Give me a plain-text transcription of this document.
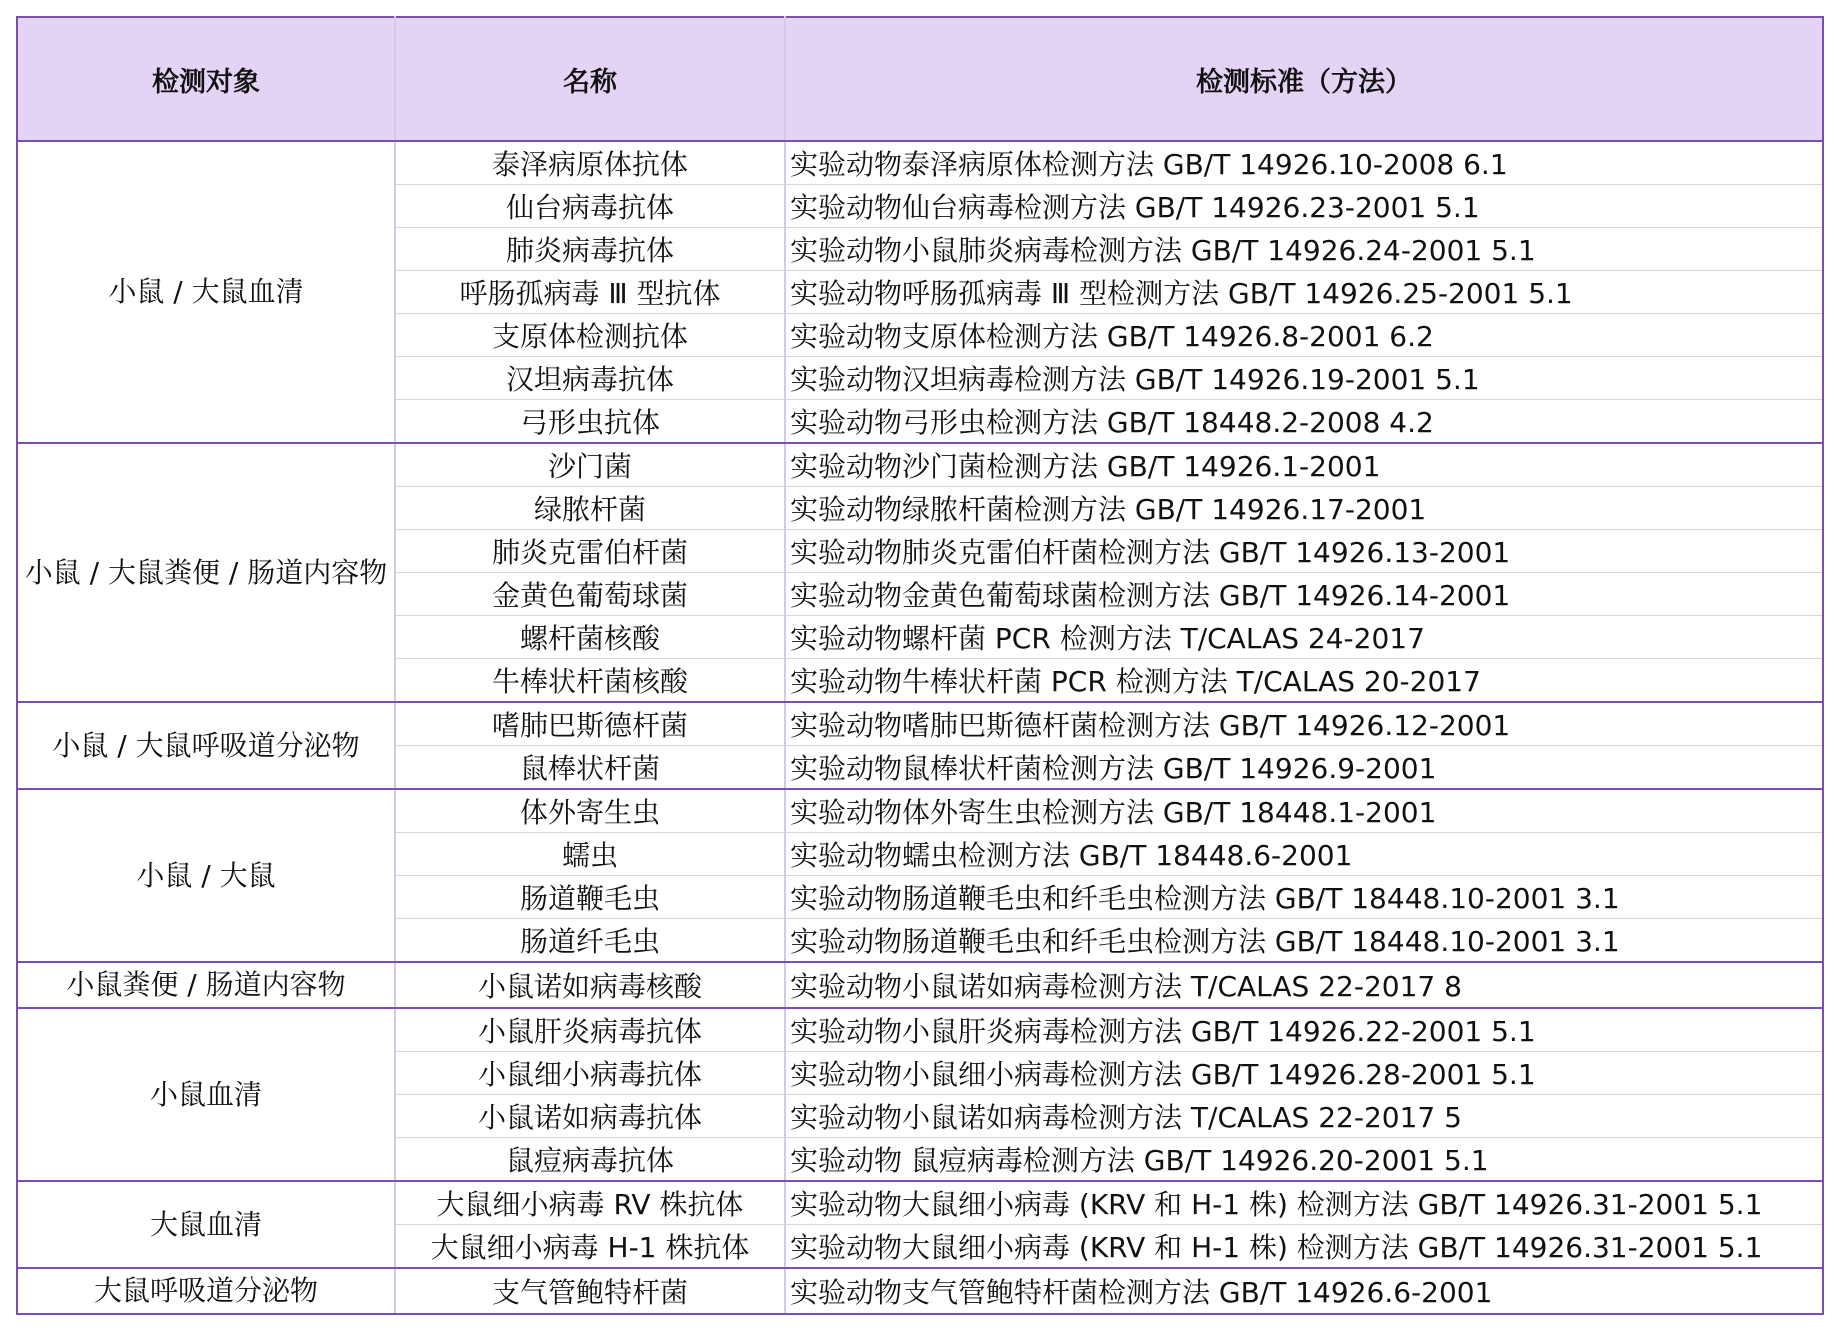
检测对象	名称	检测标准（方法）
小鼠 / 大鼠血清	泰泽病原体抗体	实验动物泰泽病原体检测方法 GB/T 14926.10-2008 6.1
	仙台病毒抗体	实验动物仙台病毒检测方法 GB/T 14926.23-2001 5.1
	肺炎病毒抗体	实验动物小鼠肺炎病毒检测方法 GB/T 14926.24-2001 5.1
	呼肠孤病毒 Ⅲ 型抗体	实验动物呼肠孤病毒 Ⅲ 型检测方法 GB/T 14926.25-2001 5.1
	支原体检测抗体	实验动物支原体检测方法 GB/T 14926.8-2001 6.2
	汉坦病毒抗体	实验动物汉坦病毒检测方法 GB/T 14926.19-2001 5.1
	弓形虫抗体	实验动物弓形虫检测方法 GB/T 18448.2-2008 4.2
小鼠 / 大鼠粪便 / 肠道内容物	沙门菌	实验动物沙门菌检测方法 GB/T 14926.1-2001
	绿脓杆菌	实验动物绿脓杆菌检测方法 GB/T 14926.17-2001
	肺炎克雷伯杆菌	实验动物肺炎克雷伯杆菌检测方法 GB/T 14926.13-2001
	金黄色葡萄球菌	实验动物金黄色葡萄球菌检测方法 GB/T 14926.14-2001
	螺杆菌核酸	实验动物螺杆菌 PCR 检测方法 T/CALAS 24-2017
	牛棒状杆菌核酸	实验动物牛棒状杆菌 PCR 检测方法 T/CALAS 20-2017
小鼠 / 大鼠呼吸道分泌物	嗜肺巴斯德杆菌	实验动物嗜肺巴斯德杆菌检测方法 GB/T 14926.12-2001
	鼠棒状杆菌	实验动物鼠棒状杆菌检测方法 GB/T 14926.9-2001
小鼠 / 大鼠	体外寄生虫	实验动物体外寄生虫检测方法 GB/T 18448.1-2001
	蠕虫	实验动物蠕虫检测方法 GB/T 18448.6-2001
	肠道鞭毛虫	实验动物肠道鞭毛虫和纤毛虫检测方法 GB/T 18448.10-2001 3.1
	肠道纤毛虫	实验动物肠道鞭毛虫和纤毛虫检测方法 GB/T 18448.10-2001 3.1
小鼠粪便 / 肠道内容物	小鼠诺如病毒核酸	实验动物小鼠诺如病毒检测方法 T/CALAS 22-2017 8
小鼠血清	小鼠肝炎病毒抗体	实验动物小鼠肝炎病毒检测方法 GB/T 14926.22-2001 5.1
	小鼠细小病毒抗体	实验动物小鼠细小病毒检测方法 GB/T 14926.28-2001 5.1
	小鼠诺如病毒抗体	实验动物小鼠诺如病毒检测方法 T/CALAS 22-2017 5
	鼠痘病毒抗体	实验动物 鼠痘病毒检测方法 GB/T 14926.20-2001 5.1
大鼠血清	大鼠细小病毒 RV 株抗体	实验动物大鼠细小病毒 (KRV 和 H-1 株) 检测方法 GB/T 14926.31-2001 5.1
	大鼠细小病毒 H-1 株抗体	实验动物大鼠细小病毒 (KRV 和 H-1 株) 检测方法 GB/T 14926.31-2001 5.1
大鼠呼吸道分泌物	支气管鲍特杆菌	实验动物支气管鲍特杆菌检测方法 GB/T 14926.6-2001
